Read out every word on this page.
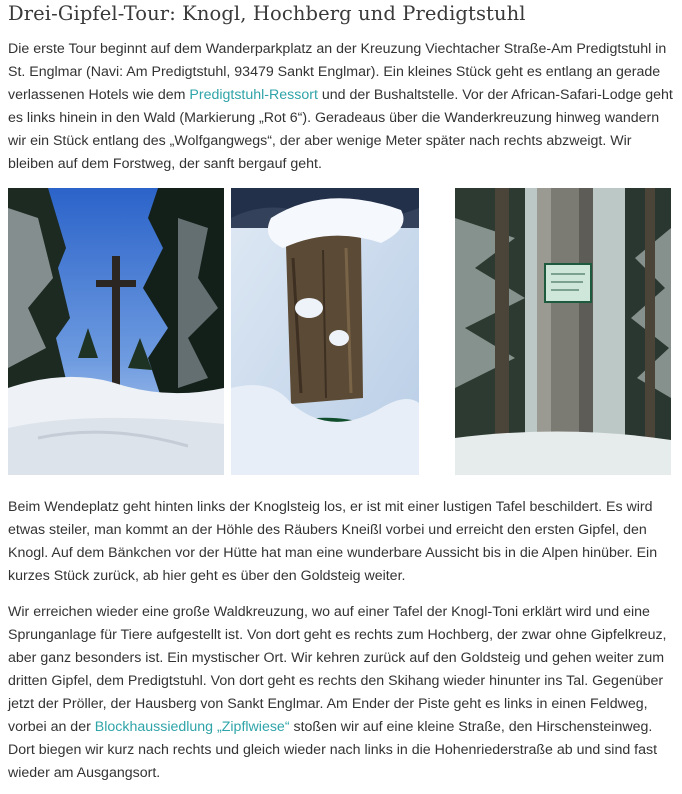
Drei-Gipfel-Tour: Knogl, Hochberg und Predigtstuhl

Die erste Tour beginnt auf dem Wanderparkplatz an der Kreuzung Viechtacher Straße-Am Predigtstuhl in St. Englmar (Navi: Am Predigtstuhl, 93479 Sankt Englmar). Ein kleines Stück geht es entlang an gerade verlassenen Hotels wie dem Predigtstuhl-Ressort und der Bushaltstelle. Vor der African-Safari-Lodge geht es links hinein in den Wald (Markierung „Rot 6“). Geradeaus über die Wanderkreuzung hinweg wandern wir ein Stück entlang des „Wolfgangwegs“, der aber wenige Meter später nach rechts abzweigt. Wir bleiben auf dem Forstweg, der sanft bergauf geht.

Beim Wendeplatz geht hinten links der Knoglsteig los, er ist mit einer lustigen Tafel beschildert. Es wird etwas steiler, man kommt an der Höhle des Räubers Kneißl vorbei und erreicht den ersten Gipfel, den Knogl. Auf dem Bänkchen vor der Hütte hat man eine wunderbare Aussicht bis in die Alpen hinüber. Ein kurzes Stück zurück, ab hier geht es über den Goldsteig weiter.

Wir erreichen wieder eine große Waldkreuzung, wo auf einer Tafel der Knogl-Toni erklärt wird und eine Sprunganlage für Tiere aufgestellt ist. Von dort geht es rechts zum Hochberg, der zwar ohne Gipfelkreuz, aber ganz besonders ist. Ein mystischer Ort. Wir kehren zurück auf den Goldsteig und gehen weiter zum dritten Gipfel, dem Predigtstuhl. Von dort geht es rechts den Skihang wieder hinunter ins Tal. Gegenüber jetzt der Pröller, der Hausberg von Sankt Englmar. Am Ender der Piste geht es links in einen Feldweg, vorbei an der Blockhaussiedlung „Zipflwiese“ stoßen wir auf eine kleine Straße, den Hirschensteinweg. Dort biegen wir kurz nach rechts und gleich wieder nach links in die Hohenriederstraße ab und sind fast wieder am Ausgangsort.
